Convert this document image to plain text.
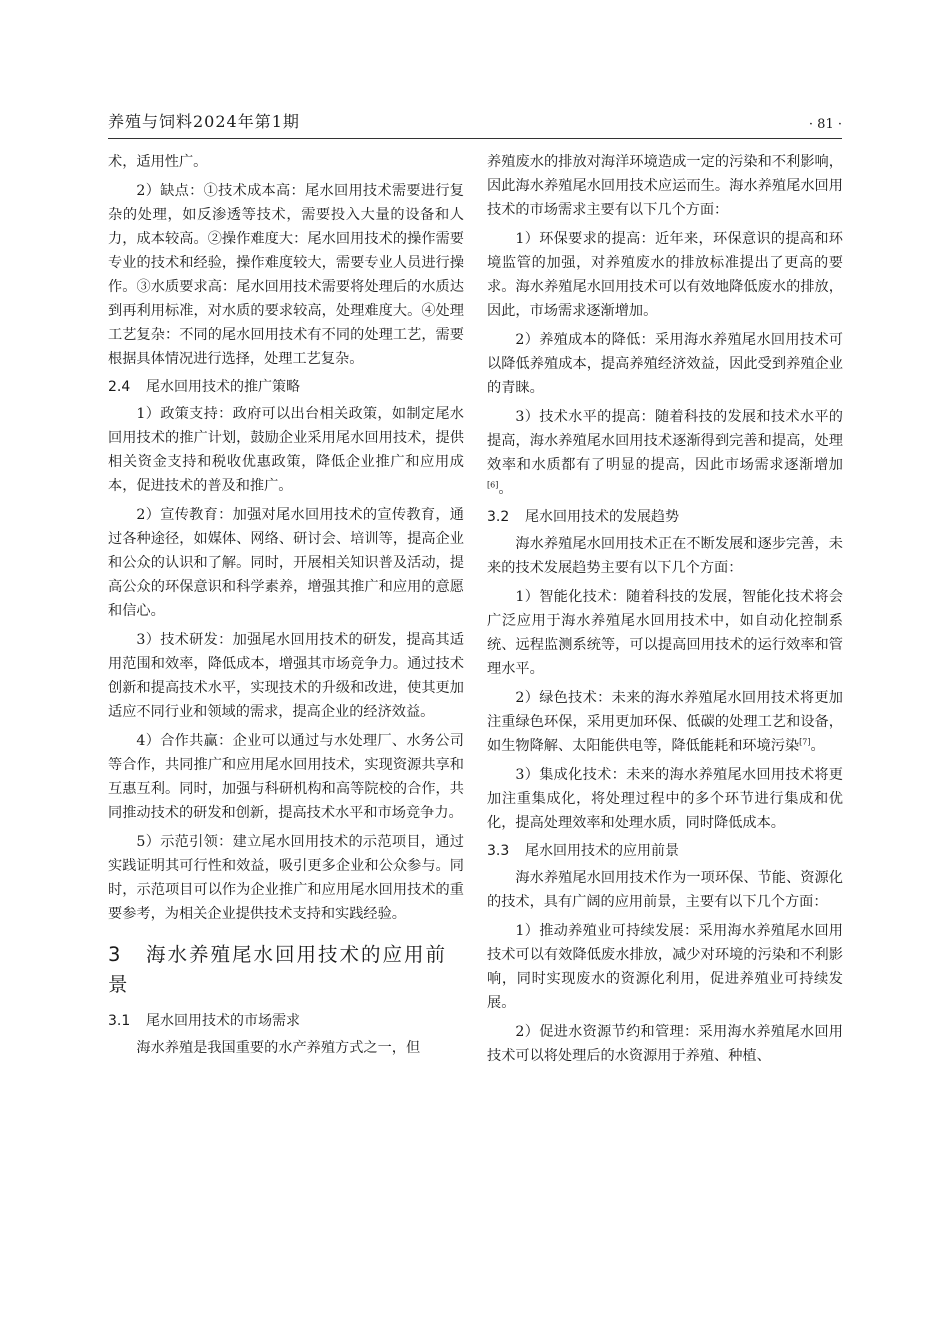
养殖与饲料2024年第1期	· 81 ·

术，适用性广。

2）缺点：①技术成本高：尾水回用技术需要进行复杂的处理，如反渗透等技术，需要投入大量的设备和人力，成本较高。②操作难度大：尾水回用技术的操作需要专业的技术和经验，操作难度较大，需要专业人员进行操作。③水质要求高：尾水回用技术需要将处理后的水质达到再利用标准，对水质的要求较高，处理难度大。④处理工艺复杂：不同的尾水回用技术有不同的处理工艺，需要根据具体情况进行选择，处理工艺复杂。

2.4 尾水回用技术的推广策略

1）政策支持：政府可以出台相关政策，如制定尾水回用技术的推广计划，鼓励企业采用尾水回用技术，提供相关资金支持和税收优惠政策，降低企业推广和应用成本，促进技术的普及和推广。

2）宣传教育：加强对尾水回用技术的宣传教育，通过各种途径，如媒体、网络、研讨会、培训等，提高企业和公众的认识和了解。同时，开展相关知识普及活动，提高公众的环保意识和科学素养，增强其推广和应用的意愿和信心。

3）技术研发：加强尾水回用技术的研发，提高其适用范围和效率，降低成本，增强其市场竞争力。通过技术创新和提高技术水平，实现技术的升级和改进，使其更加适应不同行业和领域的需求，提高企业的经济效益。

4）合作共赢：企业可以通过与水处理厂、水务公司等合作，共同推广和应用尾水回用技术，实现资源共享和互惠互利。同时，加强与科研机构和高等院校的合作，共同推动技术的研发和创新，提高技术水平和市场竞争力。

5）示范引领：建立尾水回用技术的示范项目，通过实践证明其可行性和效益，吸引更多企业和公众参与。同时，示范项目可以作为企业推广和应用尾水回用技术的重要参考，为相关企业提供技术支持和实践经验。

3 海水养殖尾水回用技术的应用前景
3.1 尾水回用技术的市场需求

海水养殖是我国重要的水产养殖方式之一，但

养殖废水的排放对海洋环境造成一定的污染和不利影响，因此海水养殖尾水回用技术应运而生。海水养殖尾水回用技术的市场需求主要有以下几个方面：

1）环保要求的提高：近年来，环保意识的提高和环境监管的加强，对养殖废水的排放标准提出了更高的要求。海水养殖尾水回用技术可以有效地降低废水的排放，因此，市场需求逐渐增加。

2）养殖成本的降低：采用海水养殖尾水回用技术可以降低养殖成本，提高养殖经济效益，因此受到养殖企业的青睐。

3）技术水平的提高：随着科技的发展和技术水平的提高，海水养殖尾水回用技术逐渐得到完善和提高，处理效率和水质都有了明显的提高，因此市场需求逐渐增加[6]。

3.2 尾水回用技术的发展趋势

海水养殖尾水回用技术正在不断发展和逐步完善，未来的技术发展趋势主要有以下几个方面：

1）智能化技术：随着科技的发展，智能化技术将会广泛应用于海水养殖尾水回用技术中，如自动化控制系统、远程监测系统等，可以提高回用技术的运行效率和管理水平。

2）绿色技术：未来的海水养殖尾水回用技术将更加注重绿色环保，采用更加环保、低碳的处理工艺和设备，如生物降解、太阳能供电等，降低能耗和环境污染[7]。

3）集成化技术：未来的海水养殖尾水回用技术将更加注重集成化，将处理过程中的多个环节进行集成和优化，提高处理效率和处理水质，同时降低成本。

3.3 尾水回用技术的应用前景

海水养殖尾水回用技术作为一项环保、节能、资源化的技术，具有广阔的应用前景，主要有以下几个方面：

1）推动养殖业可持续发展：采用海水养殖尾水回用技术可以有效降低废水排放，减少对环境的污染和不利影响，同时实现废水的资源化利用，促进养殖业可持续发展。

2）促进水资源节约和管理：采用海水养殖尾水回用技术可以将处理后的水资源用于养殖、种植、
